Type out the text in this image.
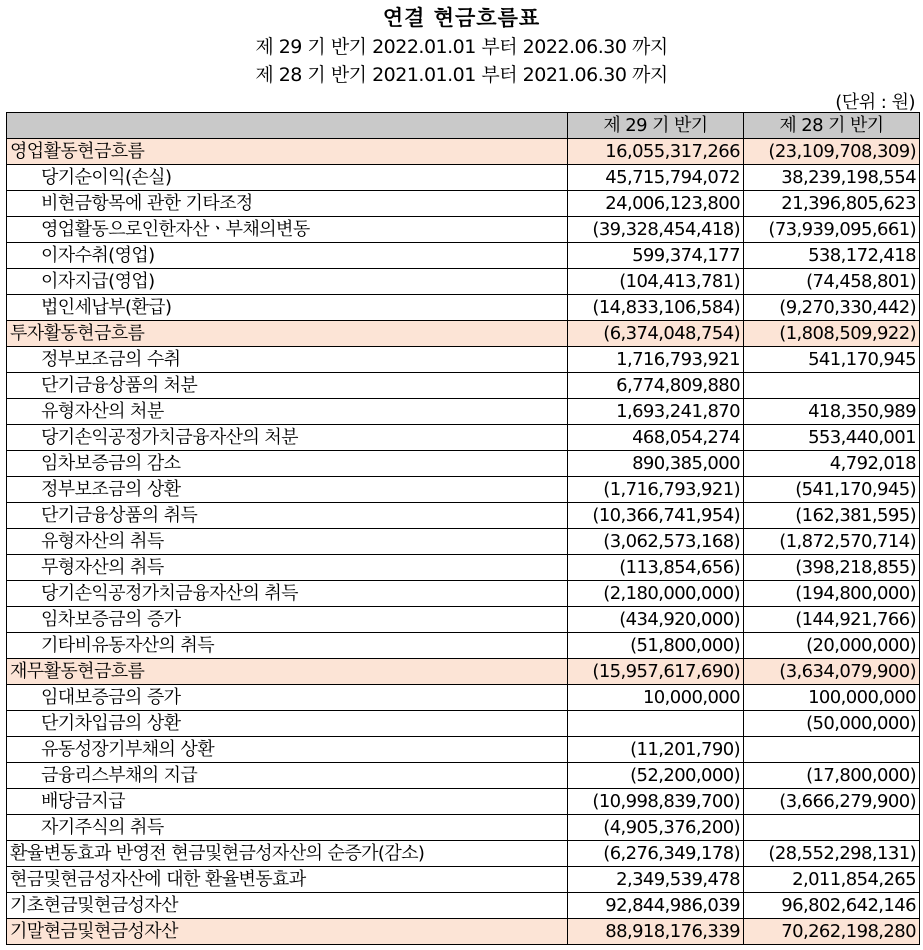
연결 현금흐름표
제 29 기 반기 2022.01.01 부터 2022.06.30 까지
제 28 기 반기 2021.01.01 부터 2021.06.30 까지
(단위 : 원)
	제 29 기 반기	제 28 기 반기
영업활동현금흐름	16,055,317,266	(23,109,708,309)
당기순이익(손실)	45,715,794,072	38,239,198,554
비현금항목에 관한 기타조정	24,006,123,800	21,396,805,623
영업활동으로인한자산ㆍ부채의변동	(39,328,454,418)	(73,939,095,661)
이자수취(영업)	599,374,177	538,172,418
이자지급(영업)	(104,413,781)	(74,458,801)
법인세납부(환급)	(14,833,106,584)	(9,270,330,442)
투자활동현금흐름	(6,374,048,754)	(1,808,509,922)
정부보조금의 수취	1,716,793,921	541,170,945
단기금융상품의 처분	6,774,809,880	
유형자산의 처분	1,693,241,870	418,350,989
당기손익공정가치금융자산의 처분	468,054,274	553,440,001
임차보증금의 감소	890,385,000	4,792,018
정부보조금의 상환	(1,716,793,921)	(541,170,945)
단기금융상품의 취득	(10,366,741,954)	(162,381,595)
유형자산의 취득	(3,062,573,168)	(1,872,570,714)
무형자산의 취득	(113,854,656)	(398,218,855)
당기손익공정가치금융자산의 취득	(2,180,000,000)	(194,800,000)
임차보증금의 증가	(434,920,000)	(144,921,766)
기타비유동자산의 취득	(51,800,000)	(20,000,000)
재무활동현금흐름	(15,957,617,690)	(3,634,079,900)
임대보증금의 증가	10,000,000	100,000,000
단기차입금의 상환		(50,000,000)
유동성장기부채의 상환	(11,201,790)	
금융리스부채의 지급	(52,200,000)	(17,800,000)
배당금지급	(10,998,839,700)	(3,666,279,900)
자기주식의 취득	(4,905,376,200)	
환율변동효과 반영전 현금및현금성자산의 순증가(감소)	(6,276,349,178)	(28,552,298,131)
현금및현금성자산에 대한 환율변동효과	2,349,539,478	2,011,854,265
기초현금및현금성자산	92,844,986,039	96,802,642,146
기말현금및현금성자산	88,918,176,339	70,262,198,280
